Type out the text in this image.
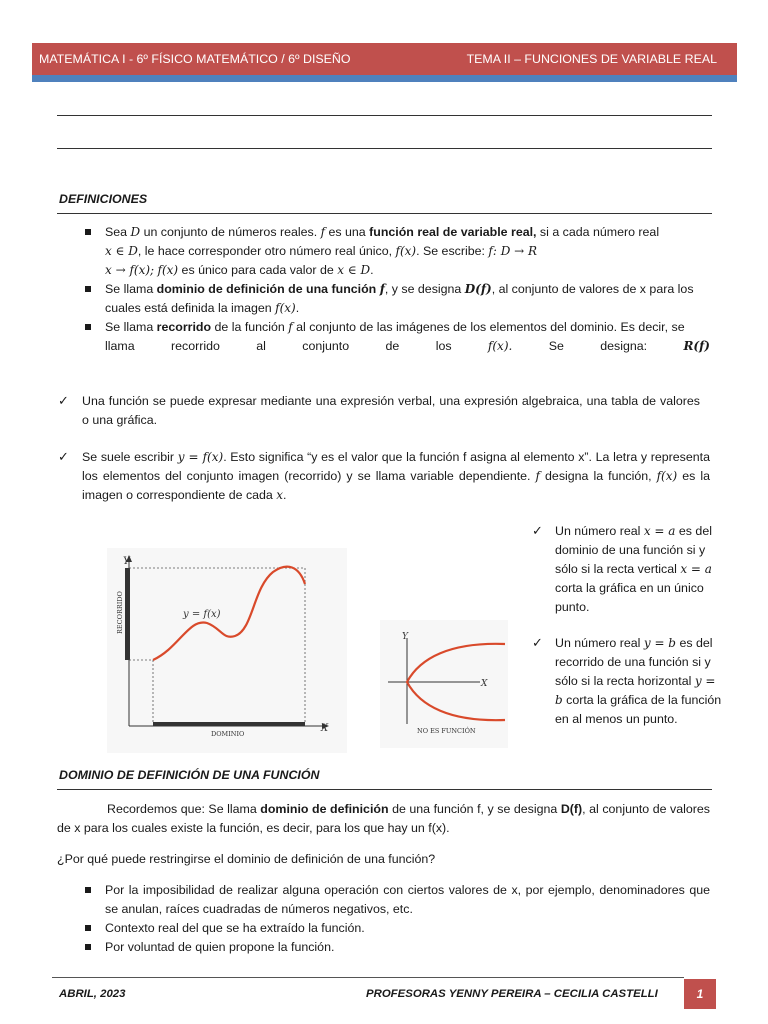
MATEMÁTICA I - 6º FÍSICO MATEMÁTICO / 6º DISEÑO	TEMA II – FUNCIONES DE VARIABLE REAL
DEFINICIONES
Sea D un conjunto de números reales. f es una función real de variable real, si a cada número real
x ∈ D, le hace corresponder otro número real único, f(x). Se escribe: f: D → R
x → f(x); f(x) es único para cada valor de x ∈ D.
Se llama dominio de definición de una función f, y se designa D(f), al conjunto de valores de x para los
cuales está definida la imagen f(x).
Se llama recorrido de la función f al conjunto de las imágenes de los elementos del dominio. Es decir, se
llama	recorrido	al	conjunto	de	los	f(x).	Se	designa:	R(f)
✓ Una función se puede expresar mediante una expresión verbal, una expresión algebraica, una tabla de valores o una gráfica.
✓ Se suele escribir y = f(x). Esto significa “y es el valor que la función f asigna al elemento x”. La letra y representa los elementos del conjunto imagen (recorrido) y se llama variable dependiente. f designa la función, f(x) es la imagen o correspondiente de cada x.
Y
X
RECORRIDO
DOMINIO
y = f(x)
Y
X
NO ES FUNCIÓN
✓ Un número real x = a es del dominio de una función si y sólo si la recta vertical x = a corta la gráfica en un único punto.
✓ Un número real y = b es del recorrido de una función si y sólo si la recta horizontal y = b corta la gráfica de la función en al menos un punto.
DOMINIO DE DEFINICIÓN DE UNA FUNCIÓN
Recordemos que: Se llama dominio de definición de una función f, y se designa D(f), al conjunto de valores de x para los cuales existe la función, es decir, para los que hay un f(x).
¿Por qué puede restringirse el dominio de definición de una función?
Por la imposibilidad de realizar alguna operación con ciertos valores de x, por ejemplo, denominadores que se anulan, raíces cuadradas de números negativos, etc.
Contexto real del que se ha extraído la función.
Por voluntad de quien propone la función.
ABRIL, 2023	PROFESORAS YENNY PEREIRA – CECILIA CASTELLI	1
